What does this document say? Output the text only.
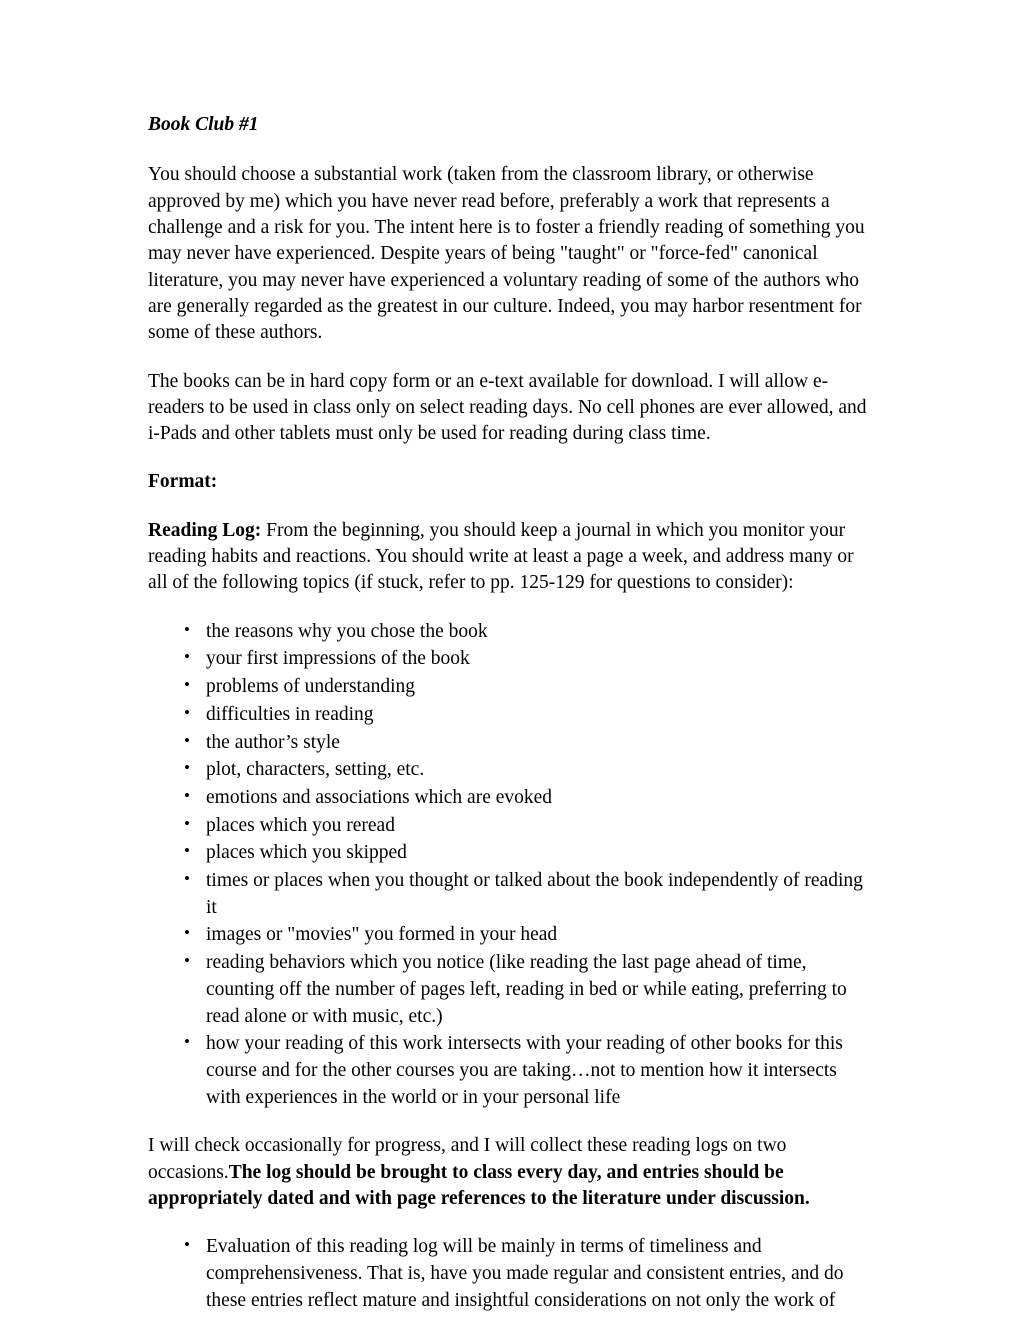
Book Club #1

You should choose a substantial work (taken from the classroom library, or otherwise approved by me) which you have never read before, preferably a work that represents a challenge and a risk for you. The intent here is to foster a friendly reading of something you may never have experienced. Despite years of being "taught" or "force-fed" canonical literature, you may never have experienced a voluntary reading of some of the authors who are generally regarded as the greatest in our culture. Indeed, you may harbor resentment for some of these authors.

The books can be in hard copy form or an e-text available for download. I will allow e-readers to be used in class only on select reading days. No cell phones are ever allowed, and i-Pads and other tablets must only be used for reading during class time.

Format:

Reading Log: From the beginning, you should keep a journal in which you monitor your reading habits and reactions. You should write at least a page a week, and address many or all of the following topics (if stuck, refer to pp. 125-129 for questions to consider):

• the reasons why you chose the book
• your first impressions of the book
• problems of understanding
• difficulties in reading
• the author’s style
• plot, characters, setting, etc.
• emotions and associations which are evoked
• places which you reread
• places which you skipped
• times or places when you thought or talked about the book independently of reading it
• images or "movies" you formed in your head
• reading behaviors which you notice (like reading the last page ahead of time, counting off the number of pages left, reading in bed or while eating, preferring to read alone or with music, etc.)
• how your reading of this work intersects with your reading of other books for this course and for the other courses you are taking…not to mention how it intersects with experiences in the world or in your personal life

I will check occasionally for progress, and I will collect these reading logs on two occasions.The log should be brought to class every day, and entries should be appropriately dated and with page references to the literature under discussion.

• Evaluation of this reading log will be mainly in terms of timeliness and comprehensiveness. That is, have you made regular and consistent entries, and do these entries reflect mature and insightful considerations on not only the work of
